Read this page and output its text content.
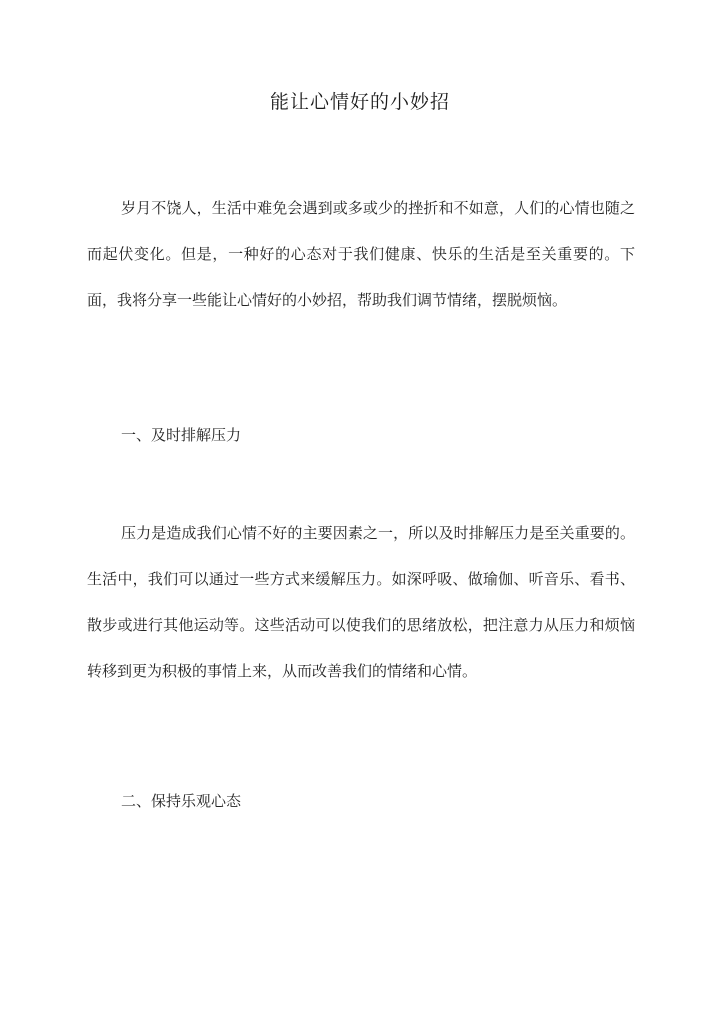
能让心情好的小妙招
岁月不饶人，生活中难免会遇到或多或少的挫折和不如意，人们的心情也随之而起伏变化。但是，一种好的心态对于我们健康、快乐的生活是至关重要的。下面，我将分享一些能让心情好的小妙招，帮助我们调节情绪，摆脱烦恼。
一、及时排解压力
压力是造成我们心情不好的主要因素之一，所以及时排解压力是至关重要的。生活中，我们可以通过一些方式来缓解压力。如深呼吸、做瑜伽、听音乐、看书、散步或进行其他运动等。这些活动可以使我们的思绪放松，把注意力从压力和烦恼转移到更为积极的事情上来，从而改善我们的情绪和心情。
二、保持乐观心态
